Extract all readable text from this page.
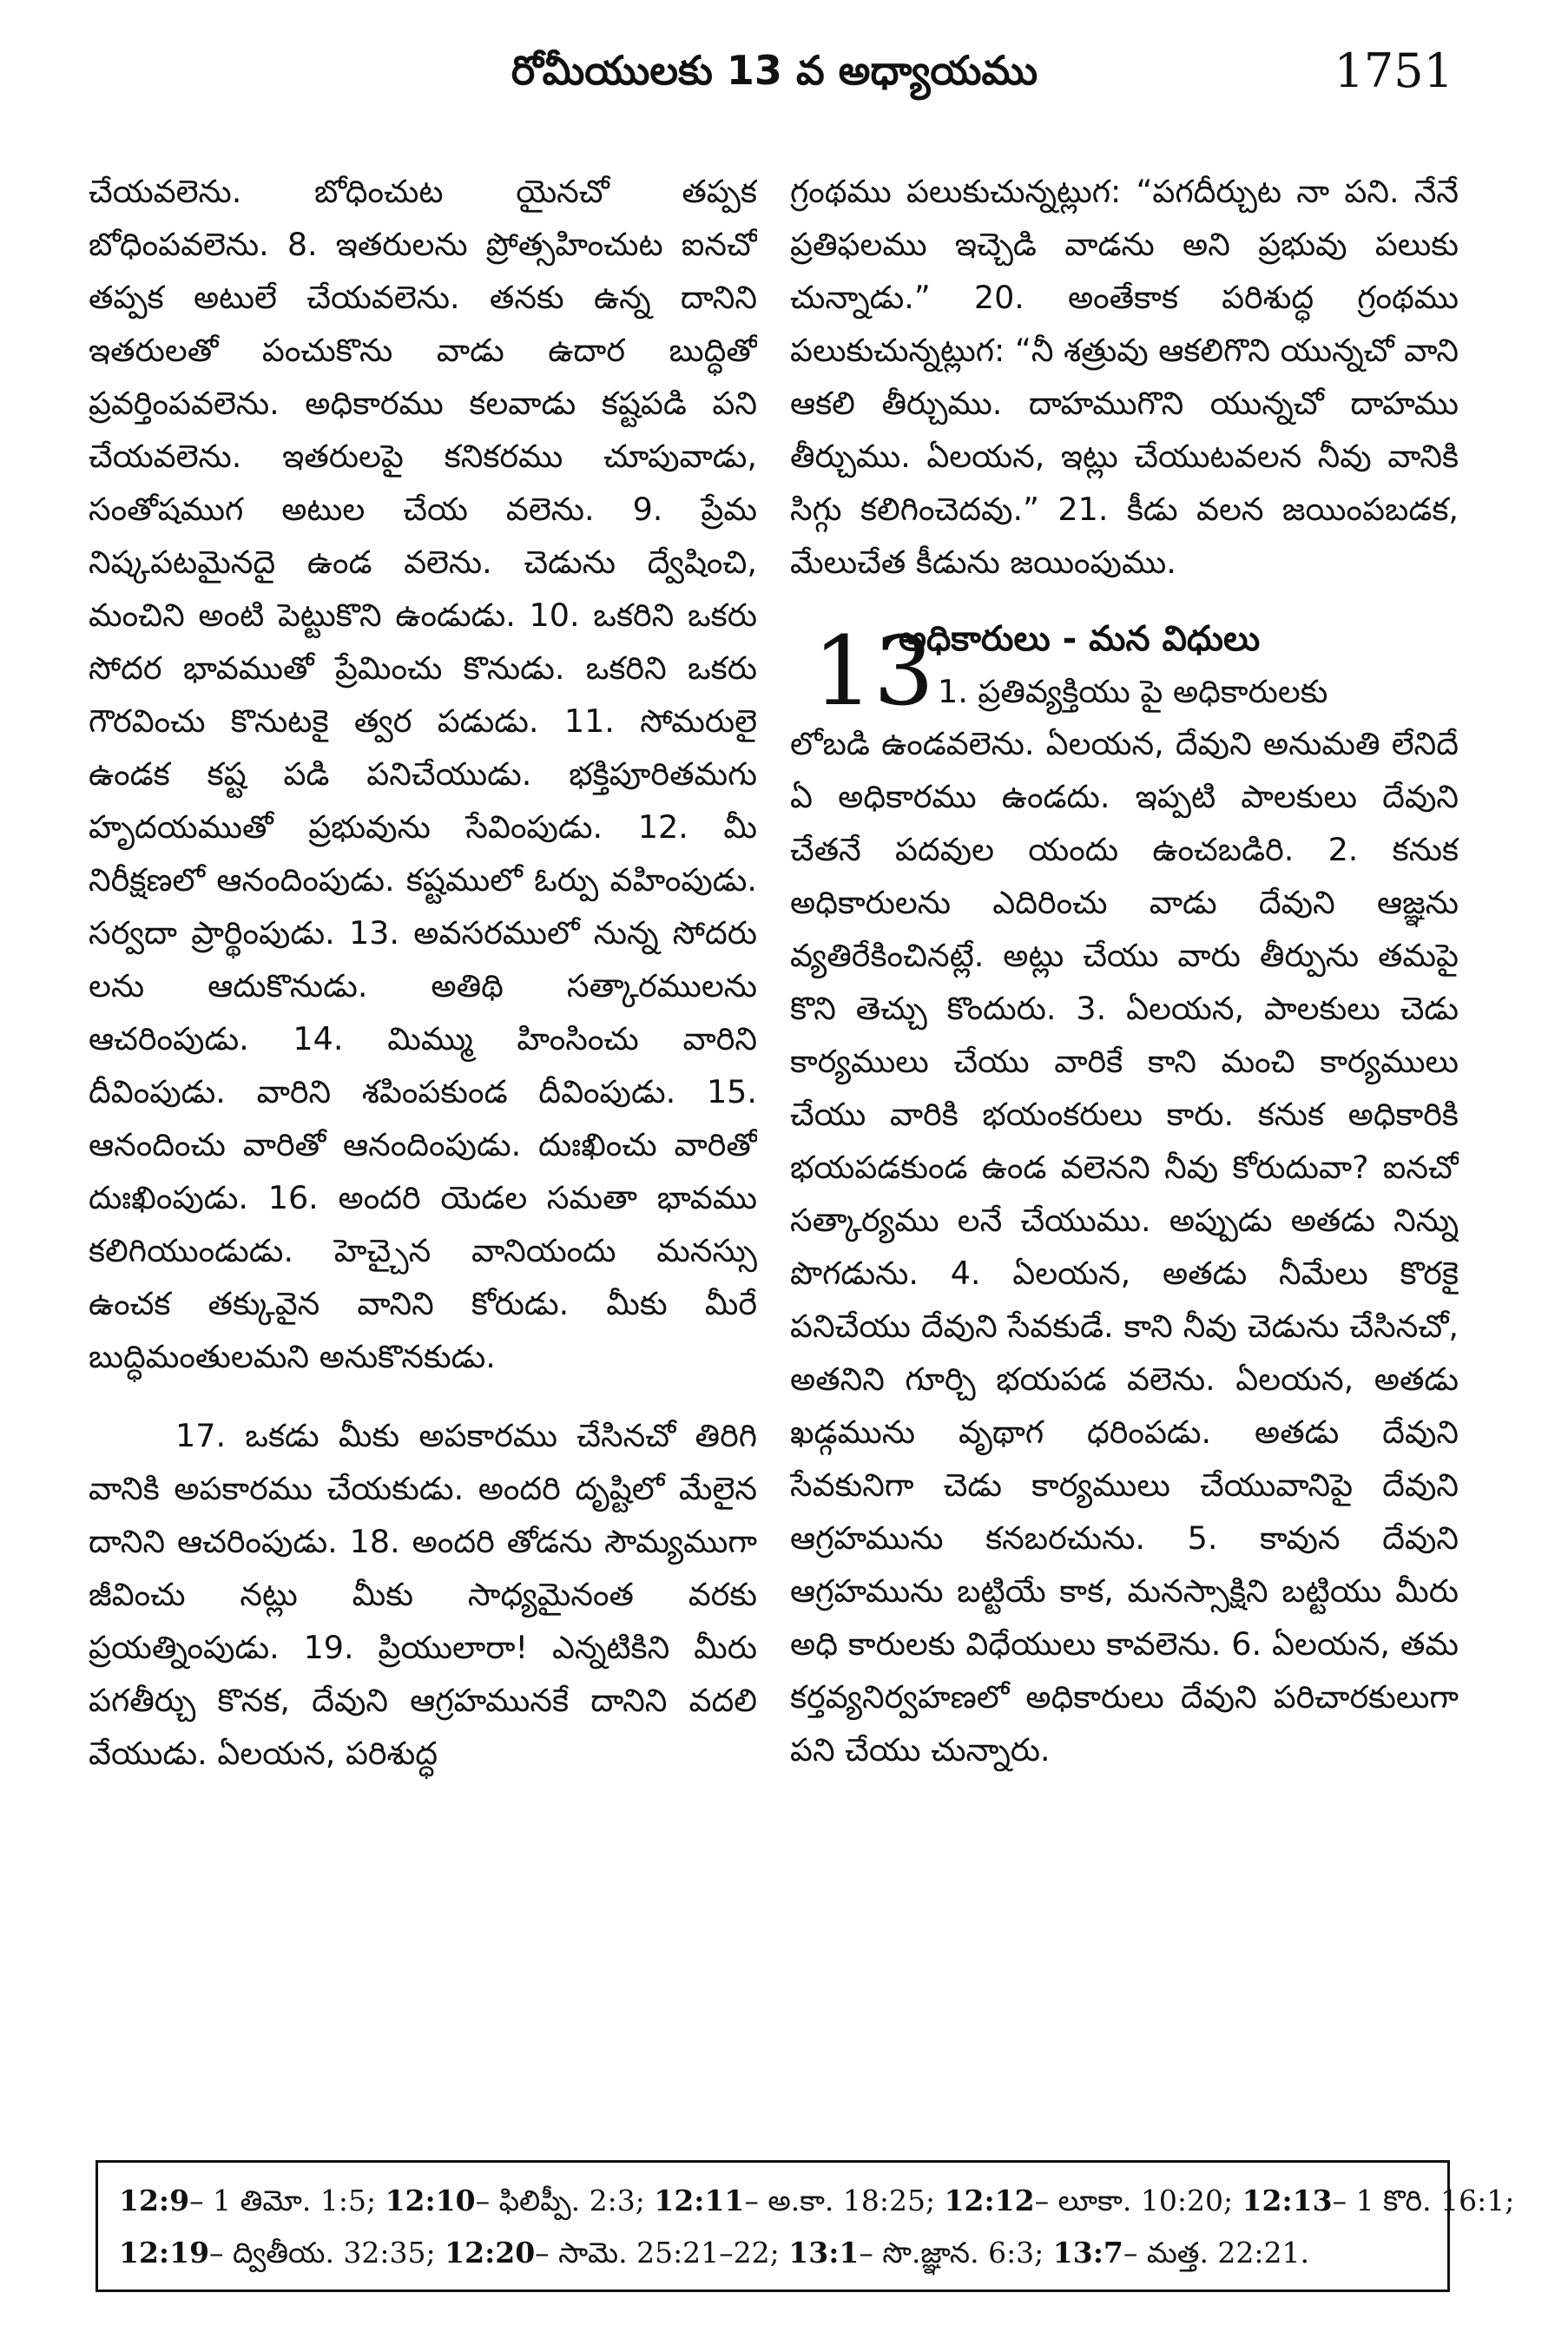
రోమీయులకు 13 వ అధ్యాయము	1751

చేయవలెను. బోధించుట యైనచో తప్పక బోధింపవలెను. 8. ఇతరులను ప్రోత్సహించుట ఐనచో తప్పక అటులే చేయవలెను. తనకు ఉన్న దానిని ఇతరులతో పంచుకొను వాడు ఉదార బుద్ధితో ప్రవర్తింపవలెను. అధికారము కలవాడు కష్టపడి పని చేయవలెను. ఇతరులపై కనికరము చూపువాడు, సంతోషముగ అటుల చేయ వలెను. 9. ప్రేమ నిష్కపటమైనదై ఉండ వలెను. చెడును ద్వేషించి, మంచిని అంటి పెట్టుకొని ఉండుడు. 10. ఒకరిని ఒకరు సోదర భావముతో ప్రేమించు కొనుడు. ఒకరిని ఒకరు గౌరవించు కొనుటకై త్వర పడుడు. 11. సోమరులై ఉండక కష్ట పడి పనిచేయుడు. భక్తిపూరితమగు హృదయముతో ప్రభువును సేవింపుడు. 12. మీ నిరీక్షణలో ఆనందింపుడు. కష్టములో ఓర్పు వహింపుడు. సర్వదా ప్రార్థింపుడు. 13. అవసరములో నున్న సోదరు లను ఆదుకొనుడు. అతిథి సత్కారములను ఆచరింపుడు. 14. మిమ్ము హింసించు వారిని దీవింపుడు. వారిని శపింపకుండ దీవింపుడు. 15. ఆనందించు వారితో ఆనందింపుడు. దుఃఖించు వారితో దుఃఖింపుడు. 16. అందరి యెడల సమతా భావము కలిగియుండుడు. హెచ్చైన వానియందు మనస్సు ఉంచక తక్కువైన వానిని కోరుడు. మీకు మీరే బుద్ధిమంతులమని అనుకొనకుడు.

17. ఒకడు మీకు అపకారము చేసినచో తిరిగి వానికి అపకారము చేయకుడు. అందరి దృష్టిలో మేలైన దానిని ఆచరింపుడు. 18. అందరి తోడను సౌమ్యముగా జీవించు నట్లు మీకు సాధ్యమైనంత వరకు ప్రయత్నింపుడు. 19. ప్రియులారా! ఎన్నటికిని మీరు పగతీర్చు కొనక, దేవుని ఆగ్రహమునకే దానిని వదలి వేయుడు. ఏలయన, పరిశుద్ధ

గ్రంథము పలుకుచున్నట్లుగ: “పగదీర్చుట నా పని. నేనే ప్రతిఫలము ఇచ్చెడి వాడను అని ప్రభువు పలుకు చున్నాడు.” 20. అంతేకాక పరిశుద్ధ గ్రంథము పలుకుచున్నట్లుగ: “నీ శత్రువు ఆకలిగొని యున్నచో వాని ఆకలి తీర్చుము. దాహముగొని యున్నచో దాహము తీర్చుము. ఏలయన, ఇట్లు చేయుటవలన నీవు వానికి సిగ్గు కలిగించెదవు.” 21. కీడు వలన జయింపబడక, మేలుచేత కీడును జయింపుము.

అధికారులు - మన విధులు
13 1. ప్రతివ్యక్తియు పై అధికారులకు

లోబడి ఉండవలెను. ఏలయన, దేవుని అనుమతి లేనిదే ఏ అధికారము ఉండదు. ఇప్పటి పాలకులు దేవుని చేతనే పదవుల యందు ఉంచబడిరి. 2. కనుక అధికారులను ఎదిరించు వాడు దేవుని ఆజ్ఞను వ్యతిరేకించినట్లే. అట్లు చేయు వారు తీర్పును తమపై కొని తెచ్చు కొందురు. 3. ఏలయన, పాలకులు చెడు కార్యములు చేయు వారికే కాని మంచి కార్యములు చేయు వారికి భయంకరులు కారు. కనుక అధికారికి భయపడకుండ ఉండ వలెనని నీవు కోరుదువా? ఐనచో సత్కార్యము లనే చేయుము. అప్పుడు అతడు నిన్ను పొగడును. 4. ఏలయన, అతడు నీమేలు కొరకై పనిచేయు దేవుని సేవకుడే. కాని నీవు చెడును చేసినచో, అతనిని గూర్చి భయపడ వలెను. ఏలయన, అతడు ఖడ్గమును వృథాగ ధరింపడు. అతడు దేవుని సేవకునిగా చెడు కార్యములు చేయువానిపై దేవుని ఆగ్రహమును కనబరచును. 5. కావున దేవుని ఆగ్రహమును బట్టియే కాక, మనస్సాక్షిని బట్టియు మీరు అధి కారులకు విధేయులు కావలెను. 6. ఏలయన, తమ కర్తవ్యనిర్వహణలో అధికారులు దేవుని పరిచారకులుగా పని చేయు చున్నారు.

12:9– 1 తిమో. 1:5; 12:10– ఫిలిప్పీ. 2:3; 12:11– అ.కా. 18:25; 12:12– లూకా. 10:20; 12:13– 1 కొరి. 16:1;
12:19– ద్వితీయ. 32:35; 12:20– సామె. 25:21–22; 13:1– సొ.జ్ఞాన. 6:3; 13:7– మత్త. 22:21.
